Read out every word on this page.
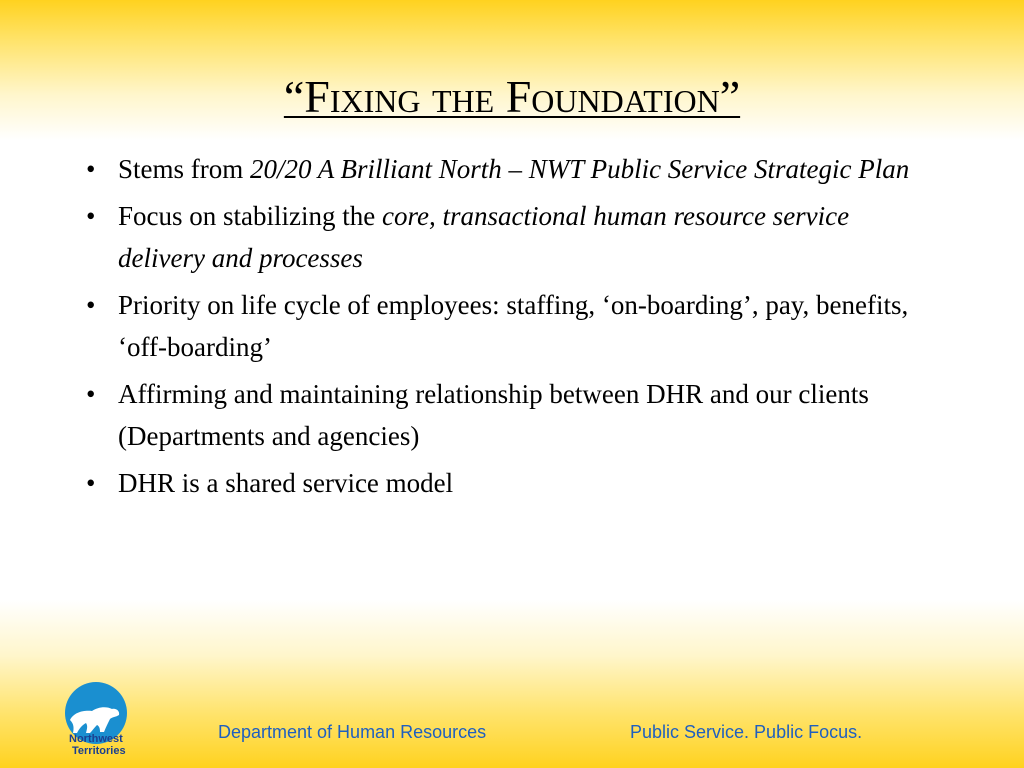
“Fixing the Foundation”
• Stems from 20/20 A Brilliant North – NWT Public Service Strategic Plan
• Focus on stabilizing the core, transactional human resource service delivery and processes
• Priority on life cycle of employees: staffing, ‘on-boarding’, pay, benefits, ‘off-boarding’
• Affirming and maintaining relationship between DHR and our clients (Departments and agencies)
• DHR is a shared service model
Northwest
Territories
Department of Human Resources	Public Service. Public Focus.
